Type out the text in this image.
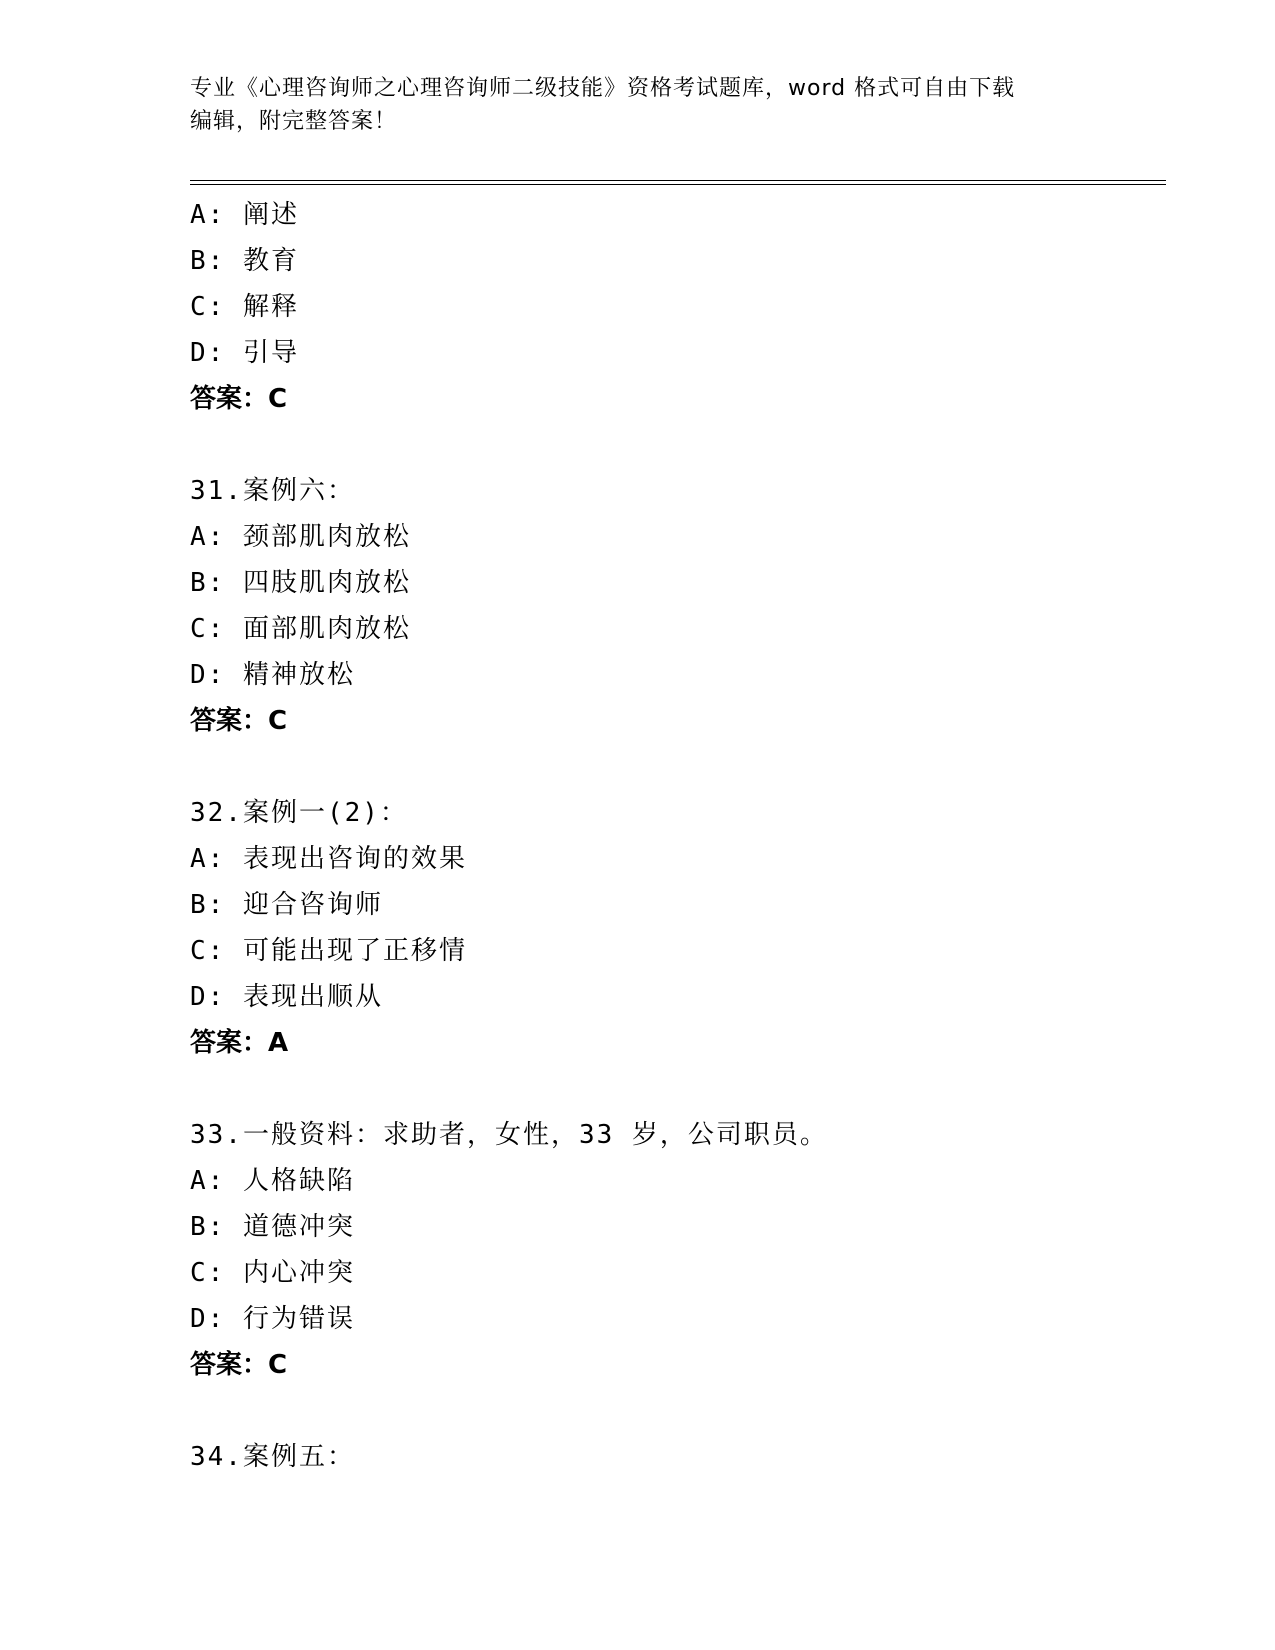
专业《心理咨询师之心理咨询师二级技能》资格考试题库，word 格式可自由下载
编辑，附完整答案！
A: 阐述
B: 教育
C: 解释
D: 引导
答案：C
31.案例六：
A: 颈部肌肉放松
B: 四肢肌肉放松
C: 面部肌肉放松
D: 精神放松
答案：C
32.案例一(2)：
A: 表现出咨询的效果
B: 迎合咨询师
C: 可能出现了正移情
D: 表现出顺从
答案：A
33.一般资料：求助者，女性，33 岁，公司职员。
A: 人格缺陷
B: 道德冲突
C: 内心冲突
D: 行为错误
答案：C
34.案例五：
